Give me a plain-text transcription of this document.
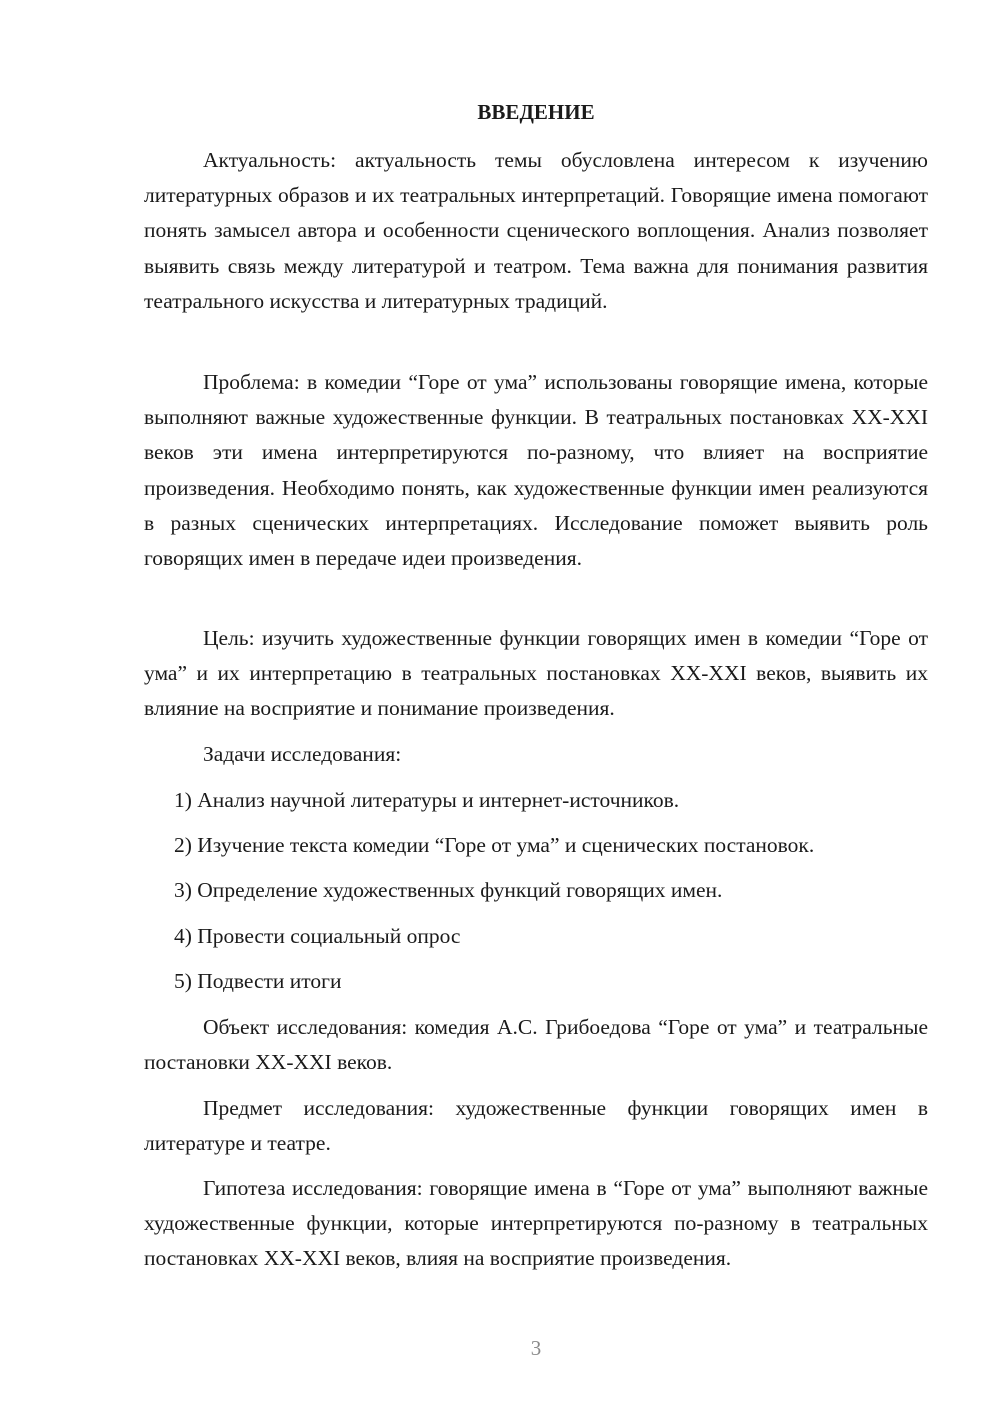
ВВЕДЕНИЕ

Актуальность: актуальность темы обусловлена интересом к изучению литературных образов и их театральных интерпретаций. Говорящие имена помогают понять замысел автора и особенности сценического воплощения. Анализ позволяет выявить связь между литературой и театром. Тема важна для понимания развития театрального искусства и литературных традиций.

Проблема: в комедии “Горе от ума” использованы говорящие имена, которые выполняют важные художественные функции. В театральных постановках XX-XXI веков эти имена интерпретируются по-разному, что влияет на восприятие произведения. Необходимо понять, как художественные функции имен реализуются в разных сценических интерпретациях. Исследование поможет выявить роль говорящих имен в передаче идеи произведения.

Цель: изучить художественные функции говорящих имен в комедии “Горе от ума” и их интерпретацию в театральных постановках XX-XXI веков, выявить их влияние на восприятие и понимание произведения.

Задачи исследования:

1) Анализ научной литературы и интернет-источников.
2) Изучение текста комедии “Горе от ума” и сценических постановок.
3) Определение художественных функций говорящих имен.
4) Провести социальный опрос
5) Подвести итоги

Объект исследования: комедия А.С. Грибоедова “Горе от ума” и театральные постановки XX-XXI веков.

Предмет исследования: художественные функции говорящих имен в литературе и театре.

Гипотеза исследования: говорящие имена в “Горе от ума” выполняют важные художественные функции, которые интерпретируются по-разному в театральных постановках XX-XXI веков, влияя на восприятие произведения.

3
